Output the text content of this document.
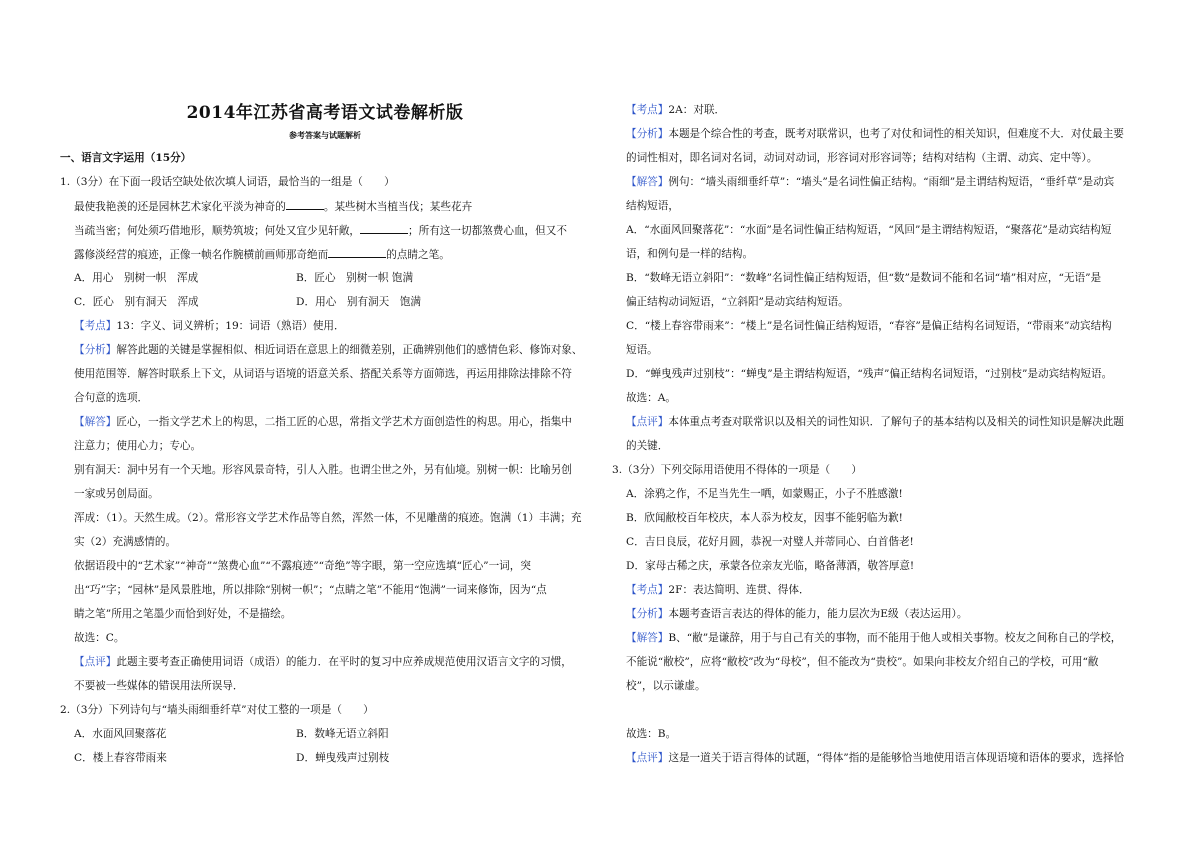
2014年江苏省高考语文试卷解析版
参考答案与试题解析
一、语言文字运用（15分）
1.（3分）在下面一段话空缺处依次填人词语，最恰当的一组是（　　）
最使我艳羡的还是园林艺术家化平淡为神奇的	。某些树木当植当伐；某些花卉
当疏当密；何处须巧借地形，顺势筑坡；何处又宜少见轩敞，	；所有这一切都煞费心血，但又不
露修淡经营的痕迹，正像一帧名作腕横前画师那奇绝而	的点睛之笔。
A．用心　别树一帜　浑成	B．匠心　别树一帜 饱满
C．匠心　别有洞天　浑成	D．用心　别有洞天　饱满
【考点】13：字义、词义辨析；19：词语（熟语）使用．
【分析】解答此题的关键是掌握相似、相近词语在意思上的细微差别，正确辨别他们的感情色彩、修饰对象、
使用范围等．解答时联系上下文，从词语与语境的语意关系、搭配关系等方面筛选，再运用排除法排除不符
合句意的选项．
【解答】匠心，一指文学艺术上的构思，二指工匠的心思，常指文学艺术方面创造性的构思。用心，指集中
注意力；使用心力；专心。
别有洞天：洞中另有一个天地。形容风景奇特，引人入胜。也谓尘世之外，另有仙境。别树一帜：比喻另创
一家或另创局面。
浑成：（1）。天然生成。（2）。常形容文学艺术作品等自然，浑然一体，不见雕凿的痕迹。饱满（1）丰满；充
实（2）充满感情的。
依据语段中的“艺术家”“神奇”“煞费心血”“不露痕迹”“奇绝”等字眼，第一空应选填“匠心”一词，突
出“巧”字；“园林”是风景胜地，所以排除“别树一帜”；“点睛之笔”不能用“饱满”一词来修饰，因为“点
睛之笔”所用之笔墨少而恰到好处，不是描绘。
故选：C。
【点评】此题主要考查正确使用词语（成语）的能力．在平时的复习中应养成规范使用汉语言文字的习惯，
不要被一些媒体的错误用法所误导．
2.（3分）下列诗句与“墙头雨细垂纤草”对仗工整的一项是（　　）
A．水面风回聚落花	B．数峰无语立斜阳
C．楼上春容带雨来	D．蝉曳残声过别枝
【考点】2A：对联．
【分析】本题是个综合性的考查，既考对联常识，也考了对仗和词性的相关知识，但难度不大．对仗最主要
的词性相对，即名词对名词，动词对动词，形容词对形容词等；结构对结构（主谓、动宾、定中等）。
【解答】例句：“墙头雨细垂纤草”：“墙头”是名词性偏正结构。“雨细”是主谓结构短语，“垂纤草”是动宾
结构短语，
A．“水面风回聚落花”：“水面”是名词性偏正结构短语，“风回”是主谓结构短语，“聚落花”是动宾结构短
语，和例句是一样的结构。
B．“数峰无语立斜阳”：“数峰”名词性偏正结构短语，但“数”是数词不能和名词“墙”相对应，“无语”是
偏正结构动词短语，“立斜阳”是动宾结构短语。
C．“楼上春容带雨来”：“楼上”是名词性偏正结构短语，“春容”是偏正结构名词短语，“带雨来”动宾结构
短语。
D．“蝉曳残声过别枝”：“蝉曳”是主谓结构短语，“残声”偏正结构名词短语，“过别枝”是动宾结构短语。
故选：A。
【点评】本体重点考查对联常识以及相关的词性知识．了解句子的基本结构以及相关的词性知识是解决此题
的关键．
3.（3分）下列交际用语使用不得体的一项是（　　）
A．涂鸦之作，不足当先生一哂，如蒙赐正，小子不胜感激!
B．欣闻敝校百年校庆，本人忝为校友，因事不能躬临为歉!
C．吉日良辰，花好月圆，恭祝一对璧人并蒂同心、白首偕老!
D．家母古稀之庆，承蒙各位亲友光临，略备薄酒，敬答厚意!
【考点】2F：表达简明、连贯、得体．
【分析】本题考查语言表达的得体的能力，能力层次为E级（表达运用）。
【解答】B、“敝”是谦辞，用于与自己有关的事物，而不能用于他人或相关事物。校友之间称自己的学校，
不能说“敝校”，应将“敝校”改为“母校”，但不能改为“贵校”。如果向非校友介绍自己的学校，可用“敝
校”，以示谦虚。
故选：B。
【点评】这是一道关于语言得体的试题，“得体”指的是能够恰当地使用语言体现语境和语体的要求，选择恰
